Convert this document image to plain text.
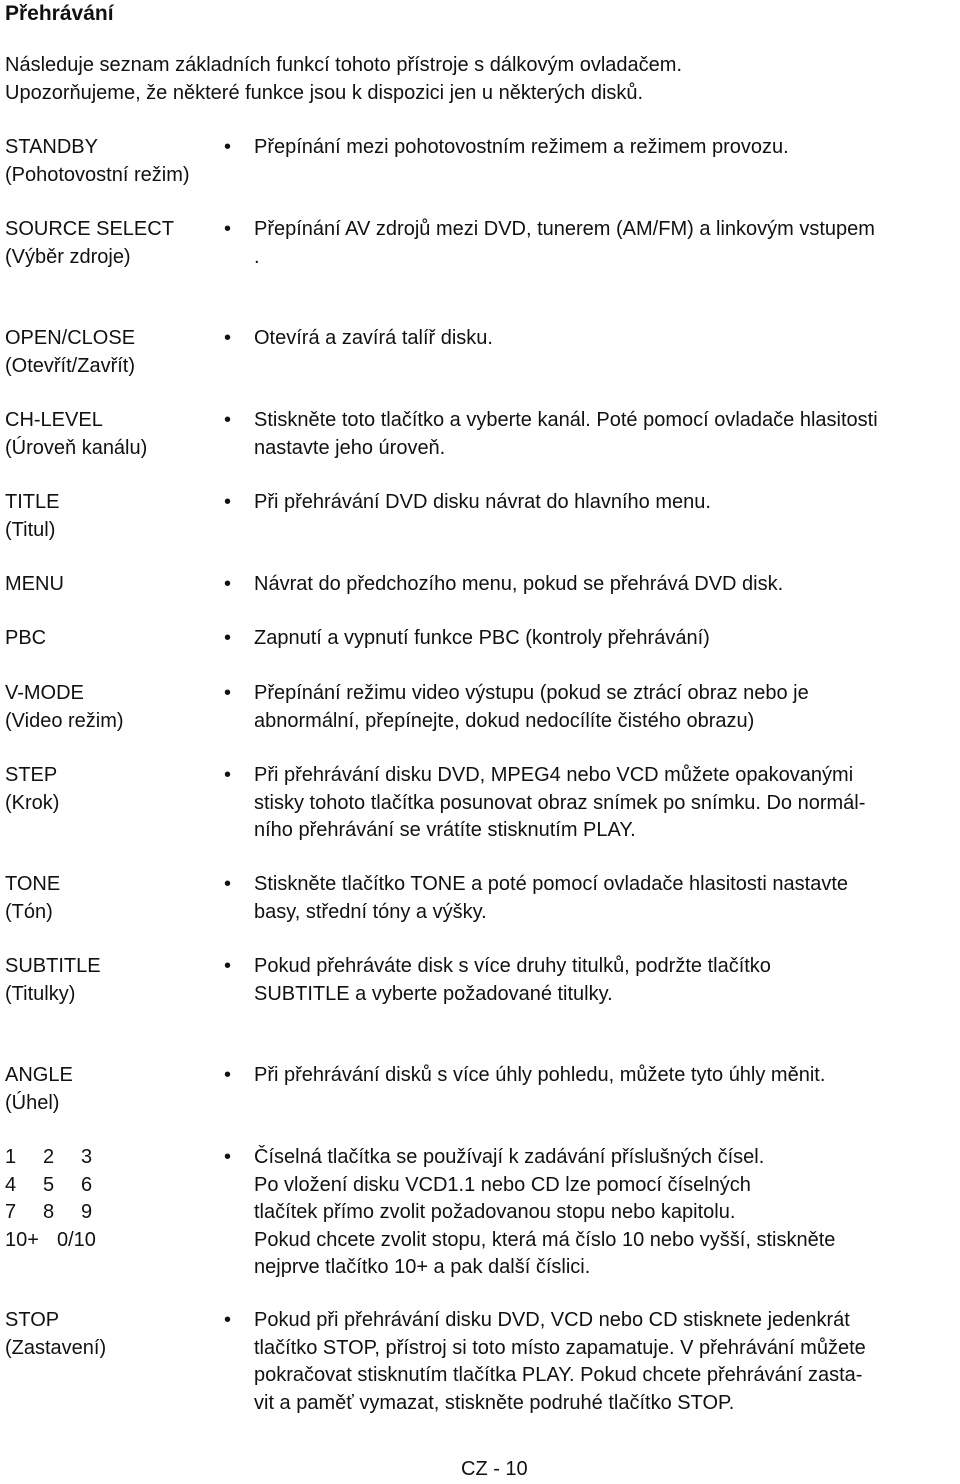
Přehrávání
Následuje seznam základních funkcí tohoto přístroje s dálkovým ovladačem.
Upozorňujeme, že některé funkce jsou k dispozici jen u některých disků.
STANDBY
(Pohotovostní režim)
• Přepínání mezi pohotovostním režimem a režimem provozu.
SOURCE SELECT
(Výběr zdroje)
• Přepínání AV zdrojů mezi DVD, tunerem (AM/FM) a linkovým vstupem
.
OPEN/CLOSE
(Otevřít/Zavřít)
• Otevírá a zavírá talíř disku.
CH-LEVEL
(Úroveň kanálu)
• Stiskněte toto tlačítko a vyberte kanál. Poté pomocí ovladače hlasitosti
nastavte jeho úroveň.
TITLE
(Titul)
• Při přehrávání DVD disku návrat do hlavního menu.
MENU	• Návrat do předchozího menu, pokud se přehrává DVD disk.
PBC	• Zapnutí a vypnutí funkce PBC (kontroly přehrávání)
V-MODE
(Video režim)
• Přepínání režimu video výstupu (pokud se ztrácí obraz nebo je
abnormální, přepínejte, dokud nedocílíte čistého obrazu)
STEP
(Krok)
• Při přehrávání disku DVD, MPEG4 nebo VCD můžete opakovanými
stisky tohoto tlačítka posunovat obraz snímek po snímku. Do normál-
ního přehrávání se vrátíte stisknutím PLAY.
TONE
(Tón)
• Stiskněte tlačítko TONE a poté pomocí ovladače hlasitosti nastavte
basy, střední tóny a výšky.
SUBTITLE
(Titulky)
• Pokud přehráváte disk s více druhy titulků, podržte tlačítko
SUBTITLE a vyberte požadované titulky.
ANGLE
(Úhel)
• Při přehrávání disků s více úhly pohledu, můžete tyto úhly měnit.
1	2	3
4	5	6
7	8	9
10+ 0/10
• Číselná tlačítka se používají k zadávání příslušných čísel.
Po vložení disku VCD1.1 nebo CD lze pomocí číselných
tlačítek přímo zvolit požadovanou stopu nebo kapitolu.
Pokud chcete zvolit stopu, která má číslo 10 nebo vyšší, stiskněte
nejprve tlačítko 10+ a pak další číslici.
STOP
(Zastavení)
• Pokud při přehrávání disku DVD, VCD nebo CD stisknete jedenkrát
tlačítko STOP, přístroj si toto místo zapamatuje. V přehrávání můžete
pokračovat stisknutím tlačítka PLAY. Pokud chcete přehrávání zasta-
vit a paměť vymazat, stiskněte podruhé tlačítko STOP.
CZ - 10
